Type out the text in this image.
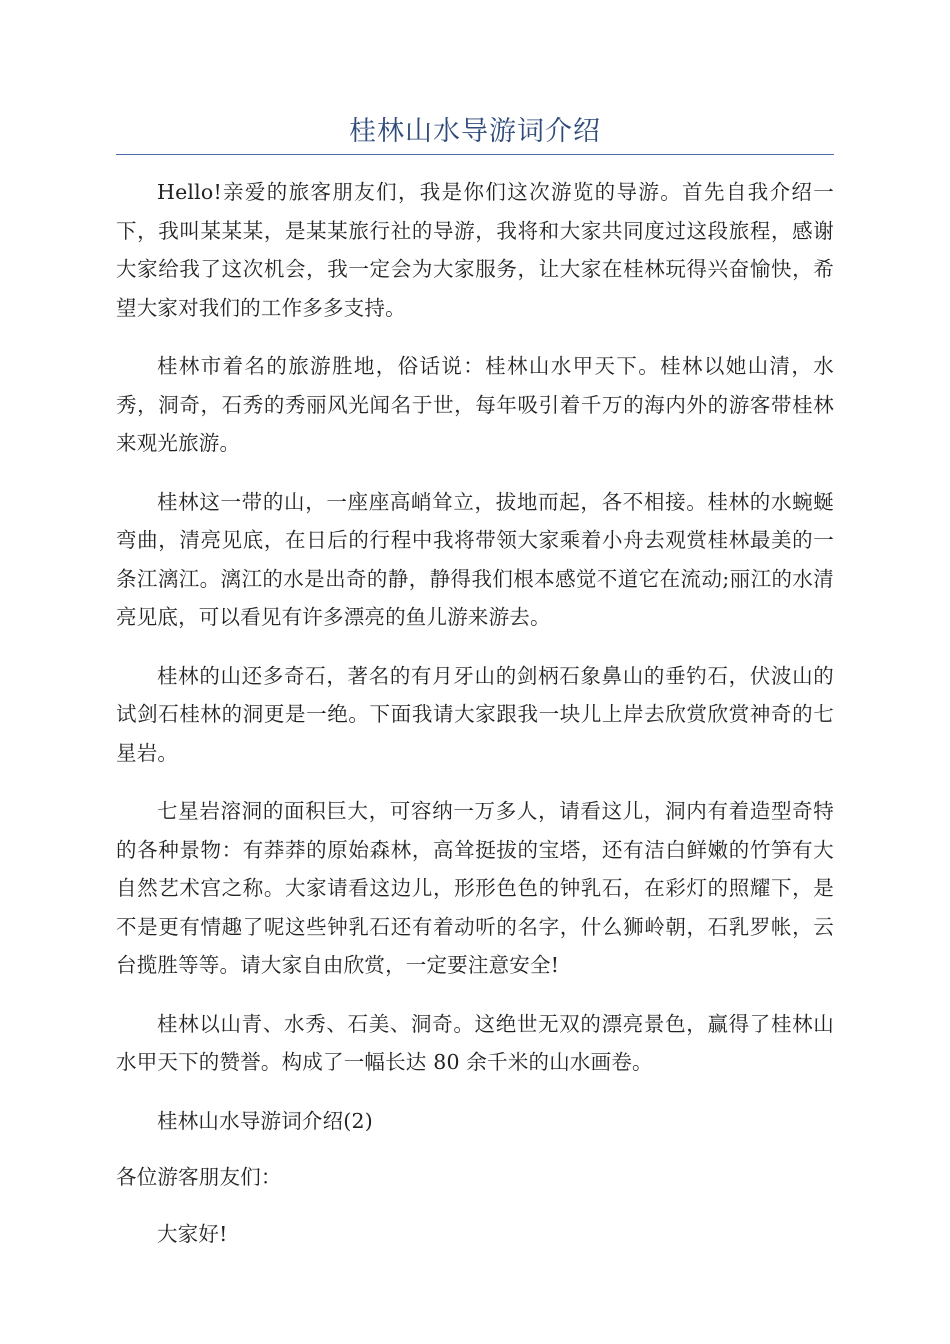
桂林山水导游词介绍

Hello!亲爱的旅客朋友们，我是你们这次游览的导游。首先自我介绍一下，我叫某某某，是某某旅行社的导游，我将和大家共同度过这段旅程，感谢大家给我了这次机会，我一定会为大家服务，让大家在桂林玩得兴奋愉快，希望大家对我们的工作多多支持。

桂林市着名的旅游胜地，俗话说：桂林山水甲天下。桂林以她山清，水秀，洞奇，石秀的秀丽风光闻名于世，每年吸引着千万的海内外的游客带桂林来观光旅游。

桂林这一带的山，一座座高峭耸立，拔地而起，各不相接。桂林的水蜿蜒弯曲，清亮见底，在日后的行程中我将带领大家乘着小舟去观赏桂林最美的一条江漓江。漓江的水是出奇的静，静得我们根本感觉不道它在流动;丽江的水清亮见底，可以看见有许多漂亮的鱼儿游来游去。

桂林的山还多奇石，著名的有月牙山的剑柄石象鼻山的垂钓石，伏波山的试剑石桂林的洞更是一绝。下面我请大家跟我一块儿上岸去欣赏欣赏神奇的七星岩。

七星岩溶洞的面积巨大，可容纳一万多人，请看这儿，洞内有着造型奇特的各种景物：有莽莽的原始森林，高耸挺拔的宝塔，还有洁白鲜嫩的竹笋有大自然艺术宫之称。大家请看这边儿，形形色色的钟乳石，在彩灯的照耀下，是不是更有情趣了呢这些钟乳石还有着动听的名字，什么狮岭朝，石乳罗帐，云台揽胜等等。请大家自由欣赏，一定要注意安全!

桂林以山青、水秀、石美、洞奇。这绝世无双的漂亮景色，赢得了桂林山水甲天下的赞誉。构成了一幅长达 80 余千米的山水画卷。

桂林山水导游词介绍(2)

各位游客朋友们：

大家好!
